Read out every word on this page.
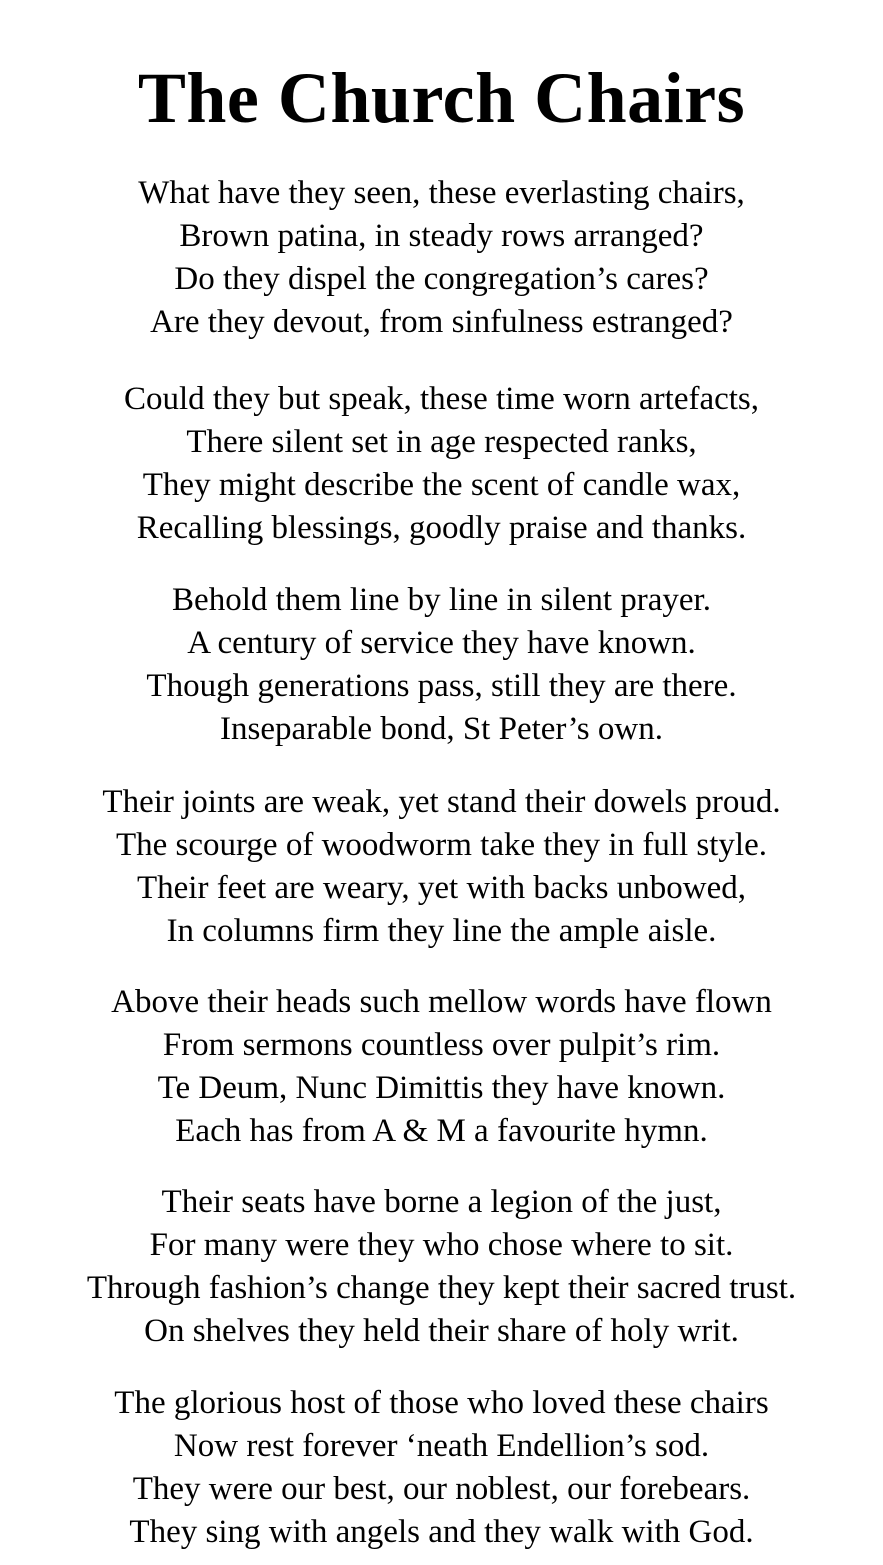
The Church Chairs
What have they seen, these everlasting chairs,
Brown patina, in steady rows arranged?
Do they dispel the congregation’s cares?
Are they devout, from sinfulness estranged?
Could they but speak, these time worn artefacts,
There silent set in age respected ranks,
They might describe the scent of candle wax,
Recalling blessings, goodly praise and thanks.
Behold them line by line in silent prayer.
A century of service they have known.
Though generations pass, still they are there.
Inseparable bond, St Peter’s own.
Their joints are weak, yet stand their dowels proud.
The scourge of woodworm take they in full style.
Their feet are weary, yet with backs unbowed,
In columns firm they line the ample aisle.
Above their heads such mellow words have flown
From sermons countless over pulpit’s rim.
Te Deum, Nunc Dimittis they have known.
Each has from A & M a favourite hymn.
Their seats have borne a legion of the just,
For many were they who chose where to sit.
Through fashion’s change they kept their sacred trust.
On shelves they held their share of holy writ.
The glorious host of those who loved these chairs
Now rest forever ‘neath Endellion’s sod.
They were our best, our noblest, our forebears.
They sing with angels and they walk with God.
